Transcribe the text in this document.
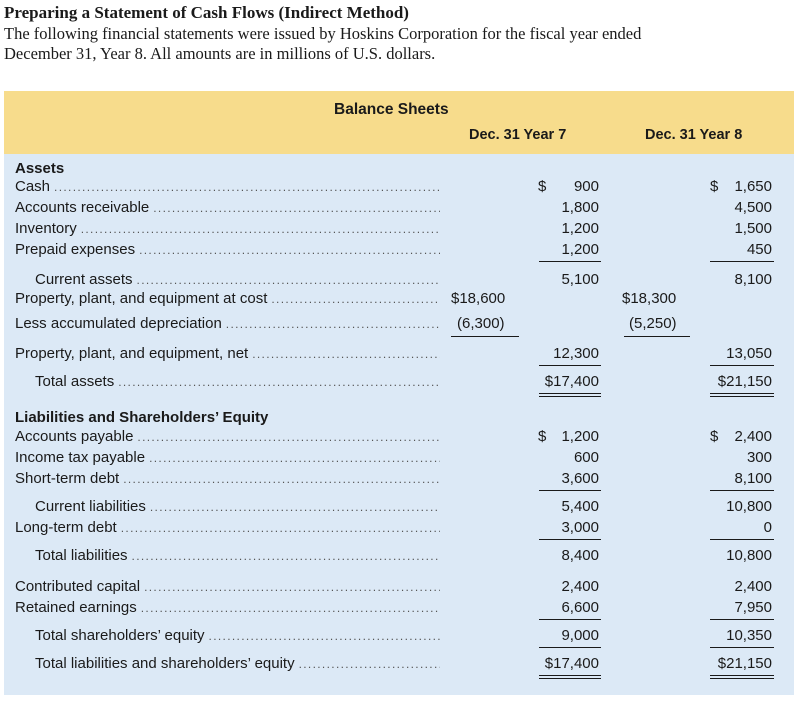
Preparing a Statement of Cash Flows (Indirect Method)

The following financial statements were issued by Hoskins Corporation for the fiscal year ended

December 31, Year 8. All amounts are in millions of U.S. dollars.

Balance Sheets
Dec. 31 Year 7	Dec. 31 Year 8
Assets
Cash . . .	$	900	$	1,650
Accounts receivable . . .	1,800	4,500
Inventory . . .	1,200	1,500
Prepaid expenses . . .	1,200	450
Current assets . . .	5,100	8,100
Property, plant, and equipment at cost . . .	$18,600	$18,300
Less accumulated depreciation . . .	(6,300)	(5,250)
Property, plant, and equipment, net . . .	12,300	13,050
Total assets . . .	$17,400	$21,150
Liabilities and Shareholders’ Equity
Accounts payable . . .	$	1,200	$	2,400
Income tax payable . . .	600	300
Short-term debt . . .	3,600	8,100
Current liabilities . . .	5,400	10,800
Long-term debt . . .	3,000	0
Total liabilities . . .	8,400	10,800
Contributed capital . . .	2,400	2,400
Retained earnings . . .	6,600	7,950
Total shareholders’ equity . . .	9,000	10,350
Total liabilities and shareholders’ equity . . .	$17,400	$21,150
